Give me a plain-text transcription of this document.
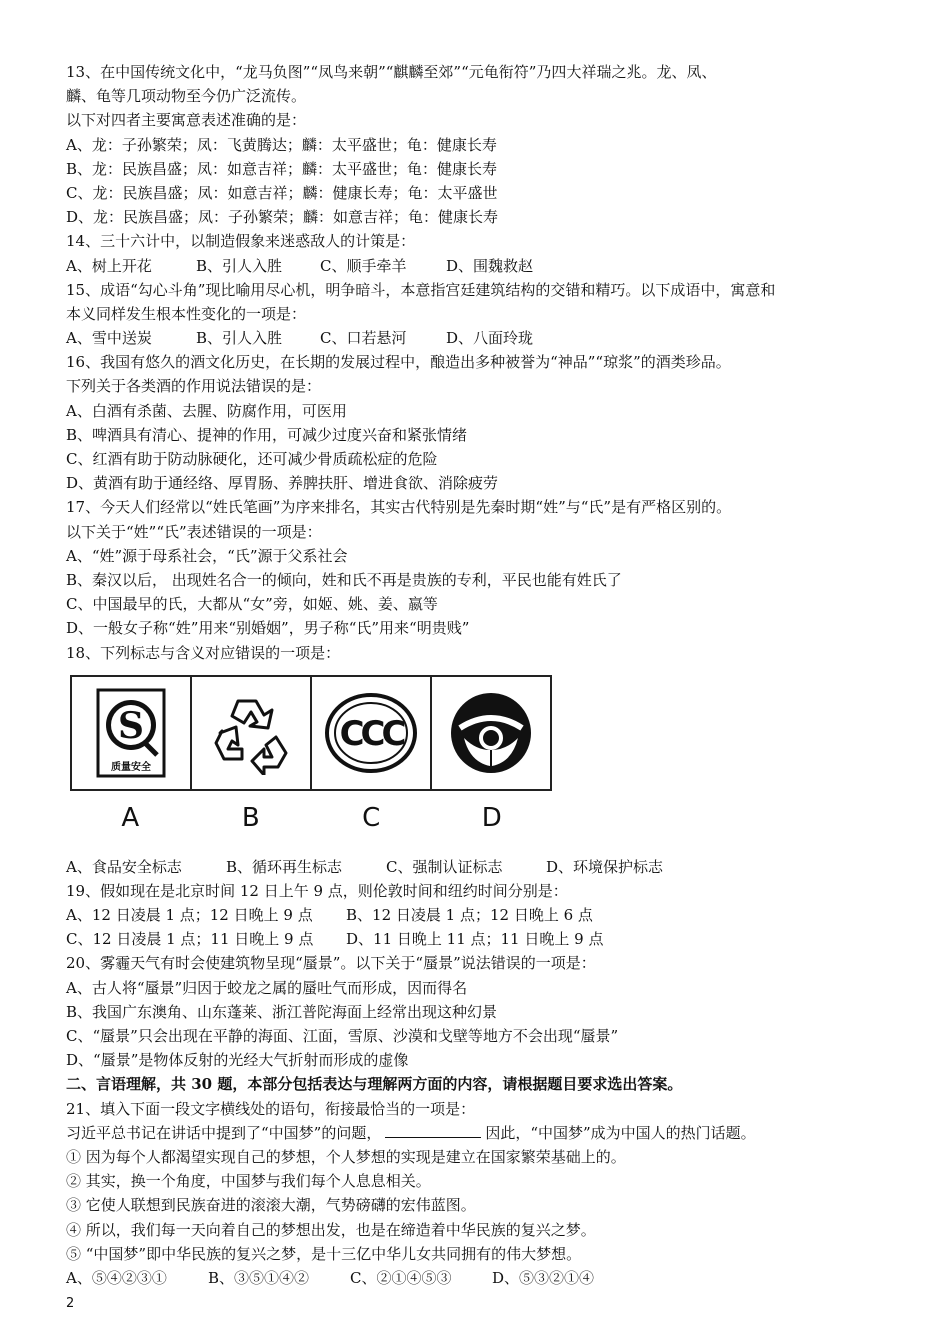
13、在中国传统文化中，“龙马负图”“凤鸟来朝”“麒麟至郊”“元龟衔符”乃四大祥瑞之兆。龙、凤、
麟、龟等几项动物至今仍广泛流传。
以下对四者主要寓意表述准确的是：
A、龙：子孙繁荣；凤：飞黄腾达；麟：太平盛世；龟：健康长寿
B、龙：民族昌盛；凤：如意吉祥；麟：太平盛世；龟：健康长寿
C、龙：民族昌盛；凤：如意吉祥；麟：健康长寿；龟：太平盛世
D、龙：民族昌盛；凤：子孙繁荣；麟：如意吉祥；龟：健康长寿
14、三十六计中，以制造假象来迷惑敌人的计策是：
A、树上开花	B、引人入胜	C、顺手牵羊	D、围魏救赵
15、成语“勾心斗角”现比喻用尽心机，明争暗斗，本意指宫廷建筑结构的交错和精巧。以下成语中，寓意和
本义同样发生根本性变化的一项是：
A、雪中送炭	B、引人入胜	C、口若悬河	D、八面玲珑
16、我国有悠久的酒文化历史，在长期的发展过程中，酿造出多种被誉为“神品”“琼浆”的酒类珍品。
下列关于各类酒的作用说法错误的是：
A、白酒有杀菌、去腥、防腐作用，可医用
B、啤酒具有清心、提神的作用，可减少过度兴奋和紧张情绪
C、红酒有助于防动脉硬化，还可减少骨质疏松症的危险
D、黄酒有助于通经络、厚胃肠、养脾扶肝、增进食欲、消除疲劳
17、今天人们经常以“姓氏笔画”为序来排名，其实古代特别是先秦时期“姓”与“氏”是有严格区别的。
以下关于“姓”“氏”表述错误的一项是：
A、“姓”源于母系社会，“氏”源于父系社会
B、秦汉以后， 出现姓名合一的倾向，姓和氏不再是贵族的专利，平民也能有姓氏了
C、中国最早的氏，大都从“女”旁，如姬、姚、姜、嬴等
D、一般女子称“姓”用来“别婚姻”，男子称“氏”用来“明贵贱”
18、下列标志与含义对应错误的一项是：
S
质量安全
CCC
A	B	C	D
A、食品安全标志	B、循环再生标志	C、强制认证标志	D、环境保护标志
19、假如现在是北京时间 12 日上午 9 点，则伦敦时间和纽约时间分别是：
A、12 日凌晨 1 点；12 日晚上 9 点 B、12 日凌晨 1 点；12 日晚上 6 点
C、12 日凌晨 1 点；11 日晚上 9 点 D、11 日晚上 11 点；11 日晚上 9 点
20、雾霾天气有时会使建筑物呈现“蜃景”。以下关于“蜃景”说法错误的一项是：
A、古人将“蜃景”归因于蛟龙之属的蜃吐气而形成，因而得名
B、我国广东澳角、山东蓬莱、浙江普陀海面上经常出现这种幻景
C、“蜃景”只会出现在平静的海面、江面，雪原、沙漠和戈壁等地方不会出现“蜃景”
D、“蜃景”是物体反射的光经大气折射而形成的虚像
二、言语理解，共 30 题，本部分包括表达与理解两方面的内容，请根据题目要求选出答案。
21、填入下面一段文字横线处的语句，衔接最恰当的一项是：
习近平总书记在讲话中提到了“中国梦”的问题，	因此，“中国梦”成为中国人的热门话题。
① 因为每个人都渴望实现自己的梦想，个人梦想的实现是建立在国家繁荣基础上的。
② 其实，换一个角度，中国梦与我们每个人息息相关。
③ 它使人联想到民族奋进的滚滚大潮，气势磅礴的宏伟蓝图。
④ 所以，我们每一天向着自己的梦想出发，也是在缔造着中华民族的复兴之梦。
⑤ “中国梦”即中华民族的复兴之梦，是十三亿中华儿女共同拥有的伟大梦想。
A、⑤④②③①	B、③⑤①④②	C、②①④⑤③	D、⑤③②①④
2
